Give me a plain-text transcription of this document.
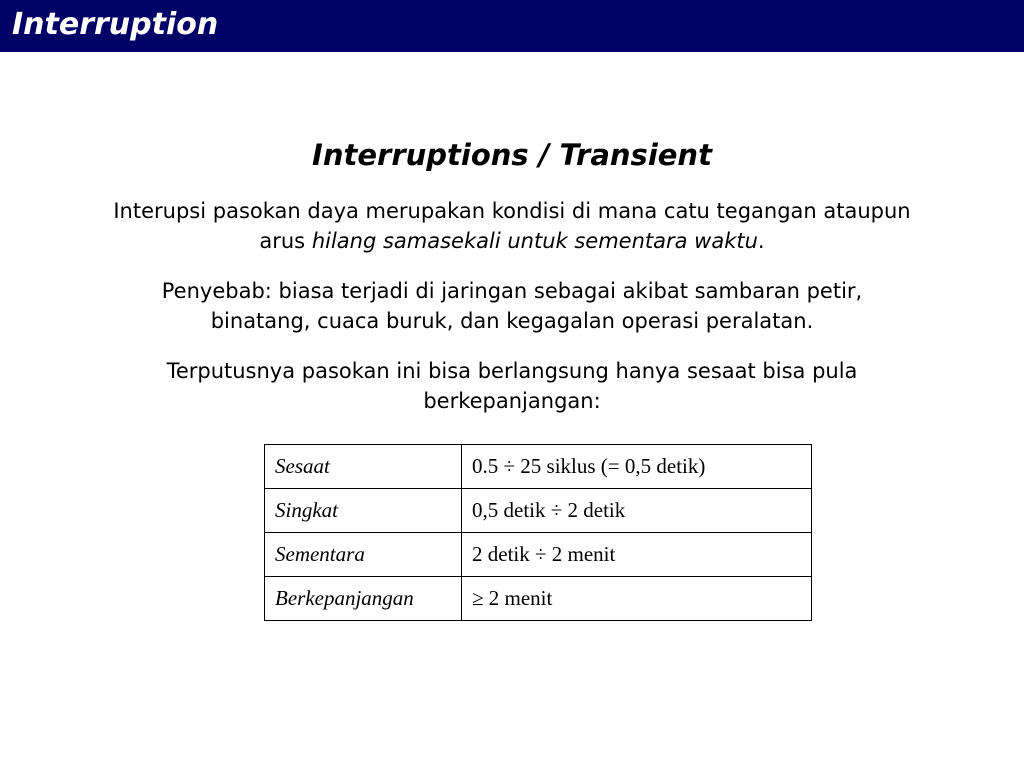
Interruption
Interruptions / Transient
Interupsi pasokan daya merupakan kondisi di mana catu tegangan ataupun arus hilang samasekali untuk sementara waktu.
Penyebab: biasa terjadi di jaringan sebagai akibat sambaran petir, binatang, cuaca buruk, dan kegagalan operasi peralatan.
Terputusnya pasokan ini bisa berlangsung hanya sesaat bisa pula berkepanjangan:
Sesaat	0.5 ÷ 25 siklus (= 0,5 detik)
Singkat	0,5 detik ÷ 2 detik
Sementara	2 detik ÷ 2 menit
Berkepanjangan	≥ 2 menit
